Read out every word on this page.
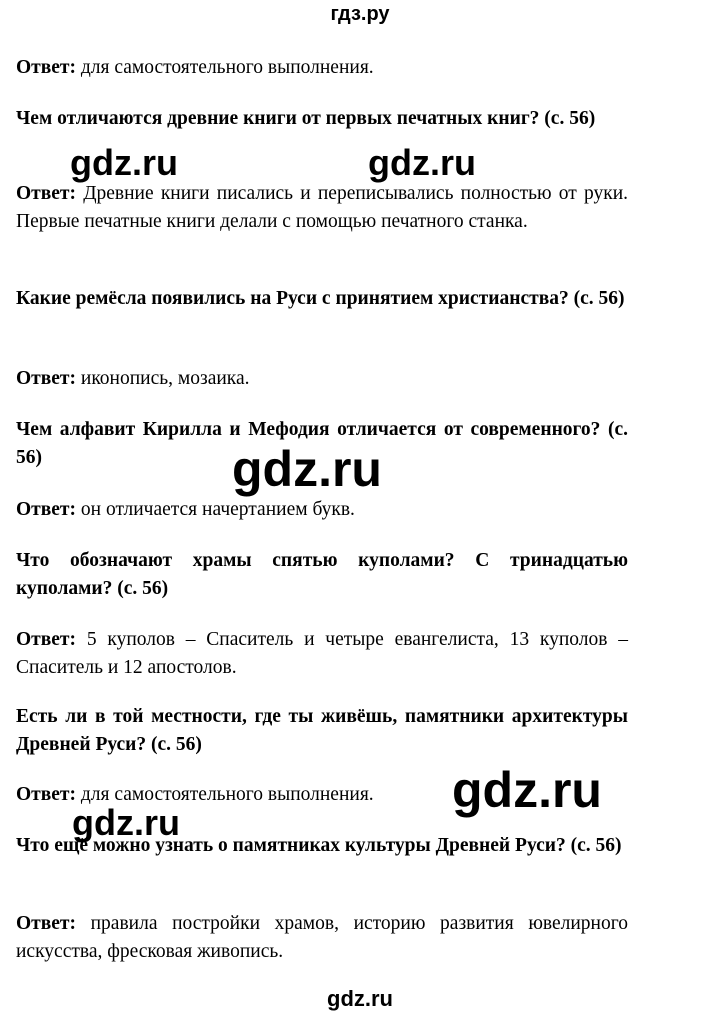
гдз.ру
Ответ: для самостоятельного выполнения.
Чем отличаются древние книги от первых печатных книг? (с. 56)
Ответ: Древние книги писались и переписывались полностью от руки. Первые печатные книги делали с помощью печатного станка.
Какие ремёсла появились на Руси с принятием христианства? (с. 56)
Ответ: иконопись, мозаика.
Чем алфавит Кирилла и Мефодия отличается от современного? (с. 56)
Ответ: он отличается начертанием букв.
Что обозначают храмы спятью куполами? С тринадцатью куполами? (с. 56)
Ответ: 5 куполов – Спаситель и четыре евангелиста, 13 куполов – Спаситель и 12 апостолов.
Есть ли в той местности, где ты живёшь, памятники архитектуры Древней Руси? (с. 56)
Ответ: для самостоятельного выполнения.
Что ещё можно узнать о памятниках культуры Древней Руси? (с. 56)
Ответ: правила постройки храмов, историю развития ювелирного искусства, фресковая живопись.
gdz.ru	gdz.ru
gdz.ru
gdz.ru
gdz.ru
gdz.ru
